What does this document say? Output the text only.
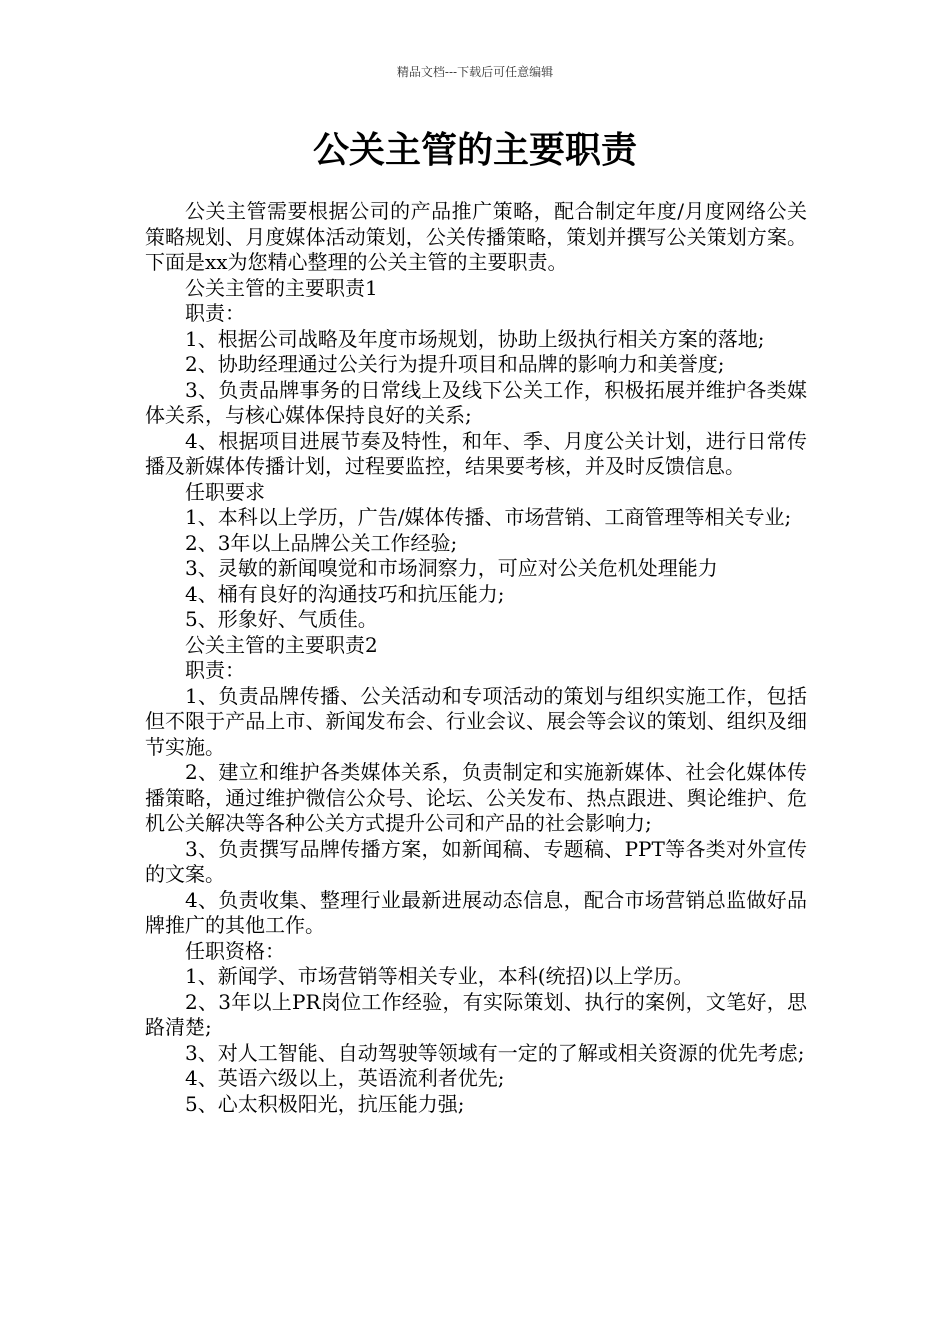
精品文档---下载后可任意编辑
公关主管的主要职责

公关主管需要根据公司的产品推广策略，配合制定年度/月度网络公关策略规划、月度媒体活动策划，公关传播策略，策划并撰写公关策划方案。下面是xx为您精心整理的公关主管的主要职责。

公关主管的主要职责1

职责：

1、根据公司战略及年度市场规划，协助上级执行相关方案的落地;

2、协助经理通过公关行为提升项目和品牌的影响力和美誉度;

3、负责品牌事务的日常线上及线下公关工作，积极拓展并维护各类媒体关系，与核心媒体保持良好的关系;

4、根据项目进展节奏及特性，和年、季、月度公关计划，进行日常传播及新媒体传播计划，过程要监控，结果要考核，并及时反馈信息。

任职要求

1、本科以上学历，广告/媒体传播、市场营销、工商管理等相关专业;

2、3年以上品牌公关工作经验;

3、灵敏的新闻嗅觉和市场洞察力，可应对公关危机处理能力

4、桶有良好的沟通技巧和抗压能力;

5、形象好、气质佳。

公关主管的主要职责2

职责：

1、负责品牌传播、公关活动和专项活动的策划与组织实施工作，包括但不限于产品上市、新闻发布会、行业会议、展会等会议的策划、组织及细节实施。

2、建立和维护各类媒体关系，负责制定和实施新媒体、社会化媒体传播策略，通过维护微信公众号、论坛、公关发布、热点跟进、舆论维护、危机公关解决等各种公关方式提升公司和产品的社会影响力;

3、负责撰写品牌传播方案，如新闻稿、专题稿、PPT等各类对外宣传的文案。

4、负责收集、整理行业最新进展动态信息，配合市场营销总监做好品牌推广的其他工作。

任职资格：

1、新闻学、市场营销等相关专业，本科(统招)以上学历。

2、3年以上PR岗位工作经验，有实际策划、执行的案例，文笔好，思路清楚;

3、对人工智能、自动驾驶等领域有一定的了解或相关资源的优先考虑;

4、英语六级以上，英语流利者优先;

5、心太积极阳光，抗压能力强;
